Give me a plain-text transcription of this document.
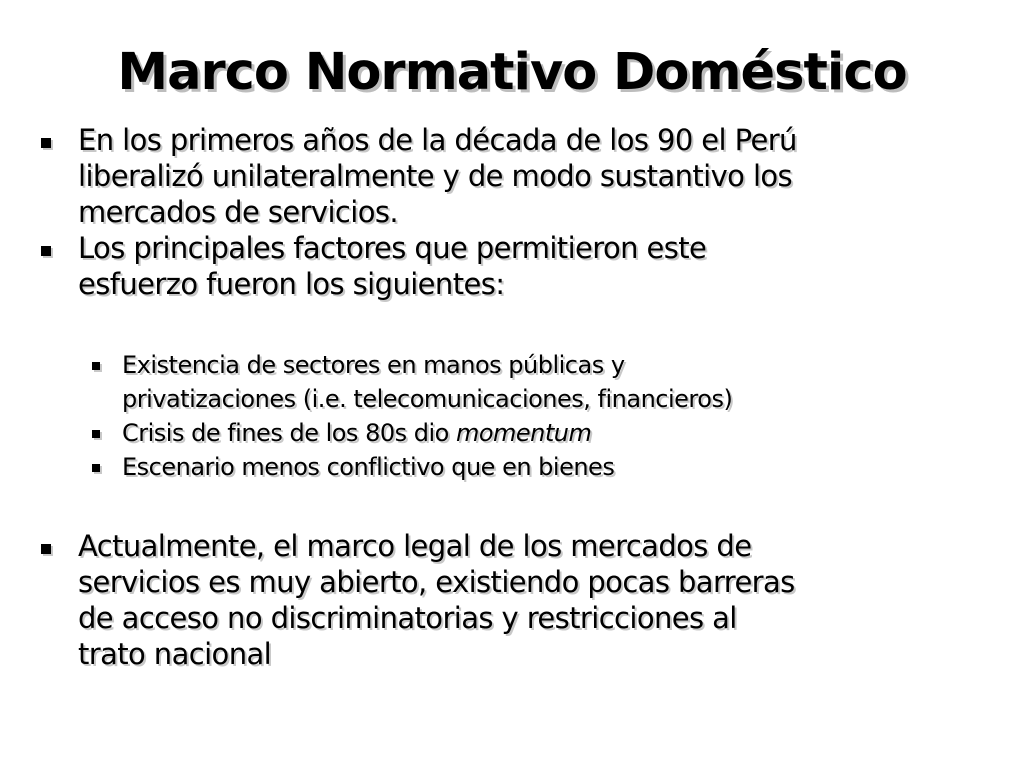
Marco Normativo Doméstico
En los primeros años de la década de los 90 el Perú
liberalizó unilateralmente y de modo sustantivo los
mercados de servicios.
Los principales factores que permitieron este
esfuerzo fueron los siguientes:
Existencia de sectores en manos públicas y
privatizaciones (i.e. telecomunicaciones, financieros)
Crisis de fines de los 80s dio momentum
Escenario menos conflictivo que en bienes
Actualmente, el marco legal de los mercados de
servicios es muy abierto, existiendo pocas barreras
de acceso no discriminatorias y restricciones al
trato nacional
